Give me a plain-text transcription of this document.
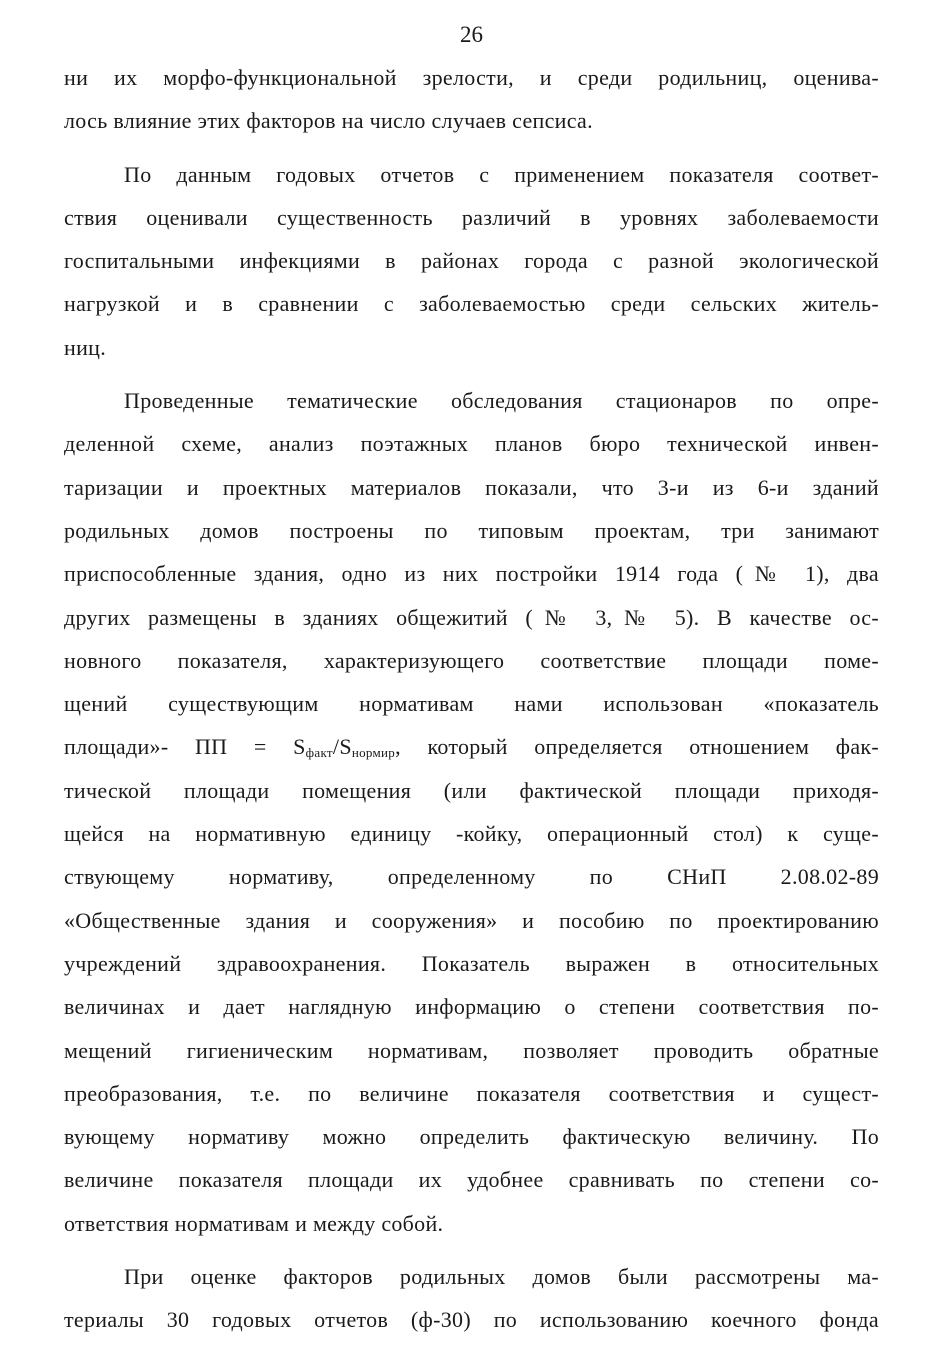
26
ни их морфо-функциональной зрелости, и среди родильниц, оценива-
лось влияние этих факторов на число случаев сепсиса.
По данным годовых отчетов с применением показателя соответ-
ствия оценивали существенность различий в уровнях заболеваемости
госпитальными инфекциями в районах города с разной экологической
нагрузкой и в сравнении с заболеваемостью среди сельских житель-
ниц.
Проведенные тематические обследования стационаров по опре-
деленной схеме, анализ поэтажных планов бюро технической инвен-
таризации и проектных материалов показали, что 3-и из 6-и зданий
родильных домов построены по типовым проектам, три занимают
приспособленные здания, одно из них постройки 1914 года (№ 1), два
других размещены в зданиях общежитий (№ 3,№ 5). В качестве ос-
новного показателя, характеризующего соответствие площади поме-
щений существующим нормативам нами использован «показатель
площади»- ПП = $S_{факт}/S_{нормир}$, который определяется отношением фак-
тической площади помещения (или фактической площади приходя-
щейся на нормативную единицу -койку, операционный стол) к суще-
ствующему нормативу, определенному по СНиП 2.08.02-89
«Общественные здания и сооружения» и пособию по проектированию
учреждений здравоохранения. Показатель выражен в относительных
величинах и дает наглядную информацию о степени соответствия по-
мещений гигиеническим нормативам, позволяет проводить обратные
преобразования, т.е. по величине показателя соответствия и сущест-
вующему нормативу можно определить фактическую величину. По
величине показателя площади их удобнее сравнивать по степени со-
ответствия нормативам и между собой.
При оценке факторов родильных домов были рассмотрены ма-
териалы 30 годовых отчетов (ф-30) по использованию коечного фонда
